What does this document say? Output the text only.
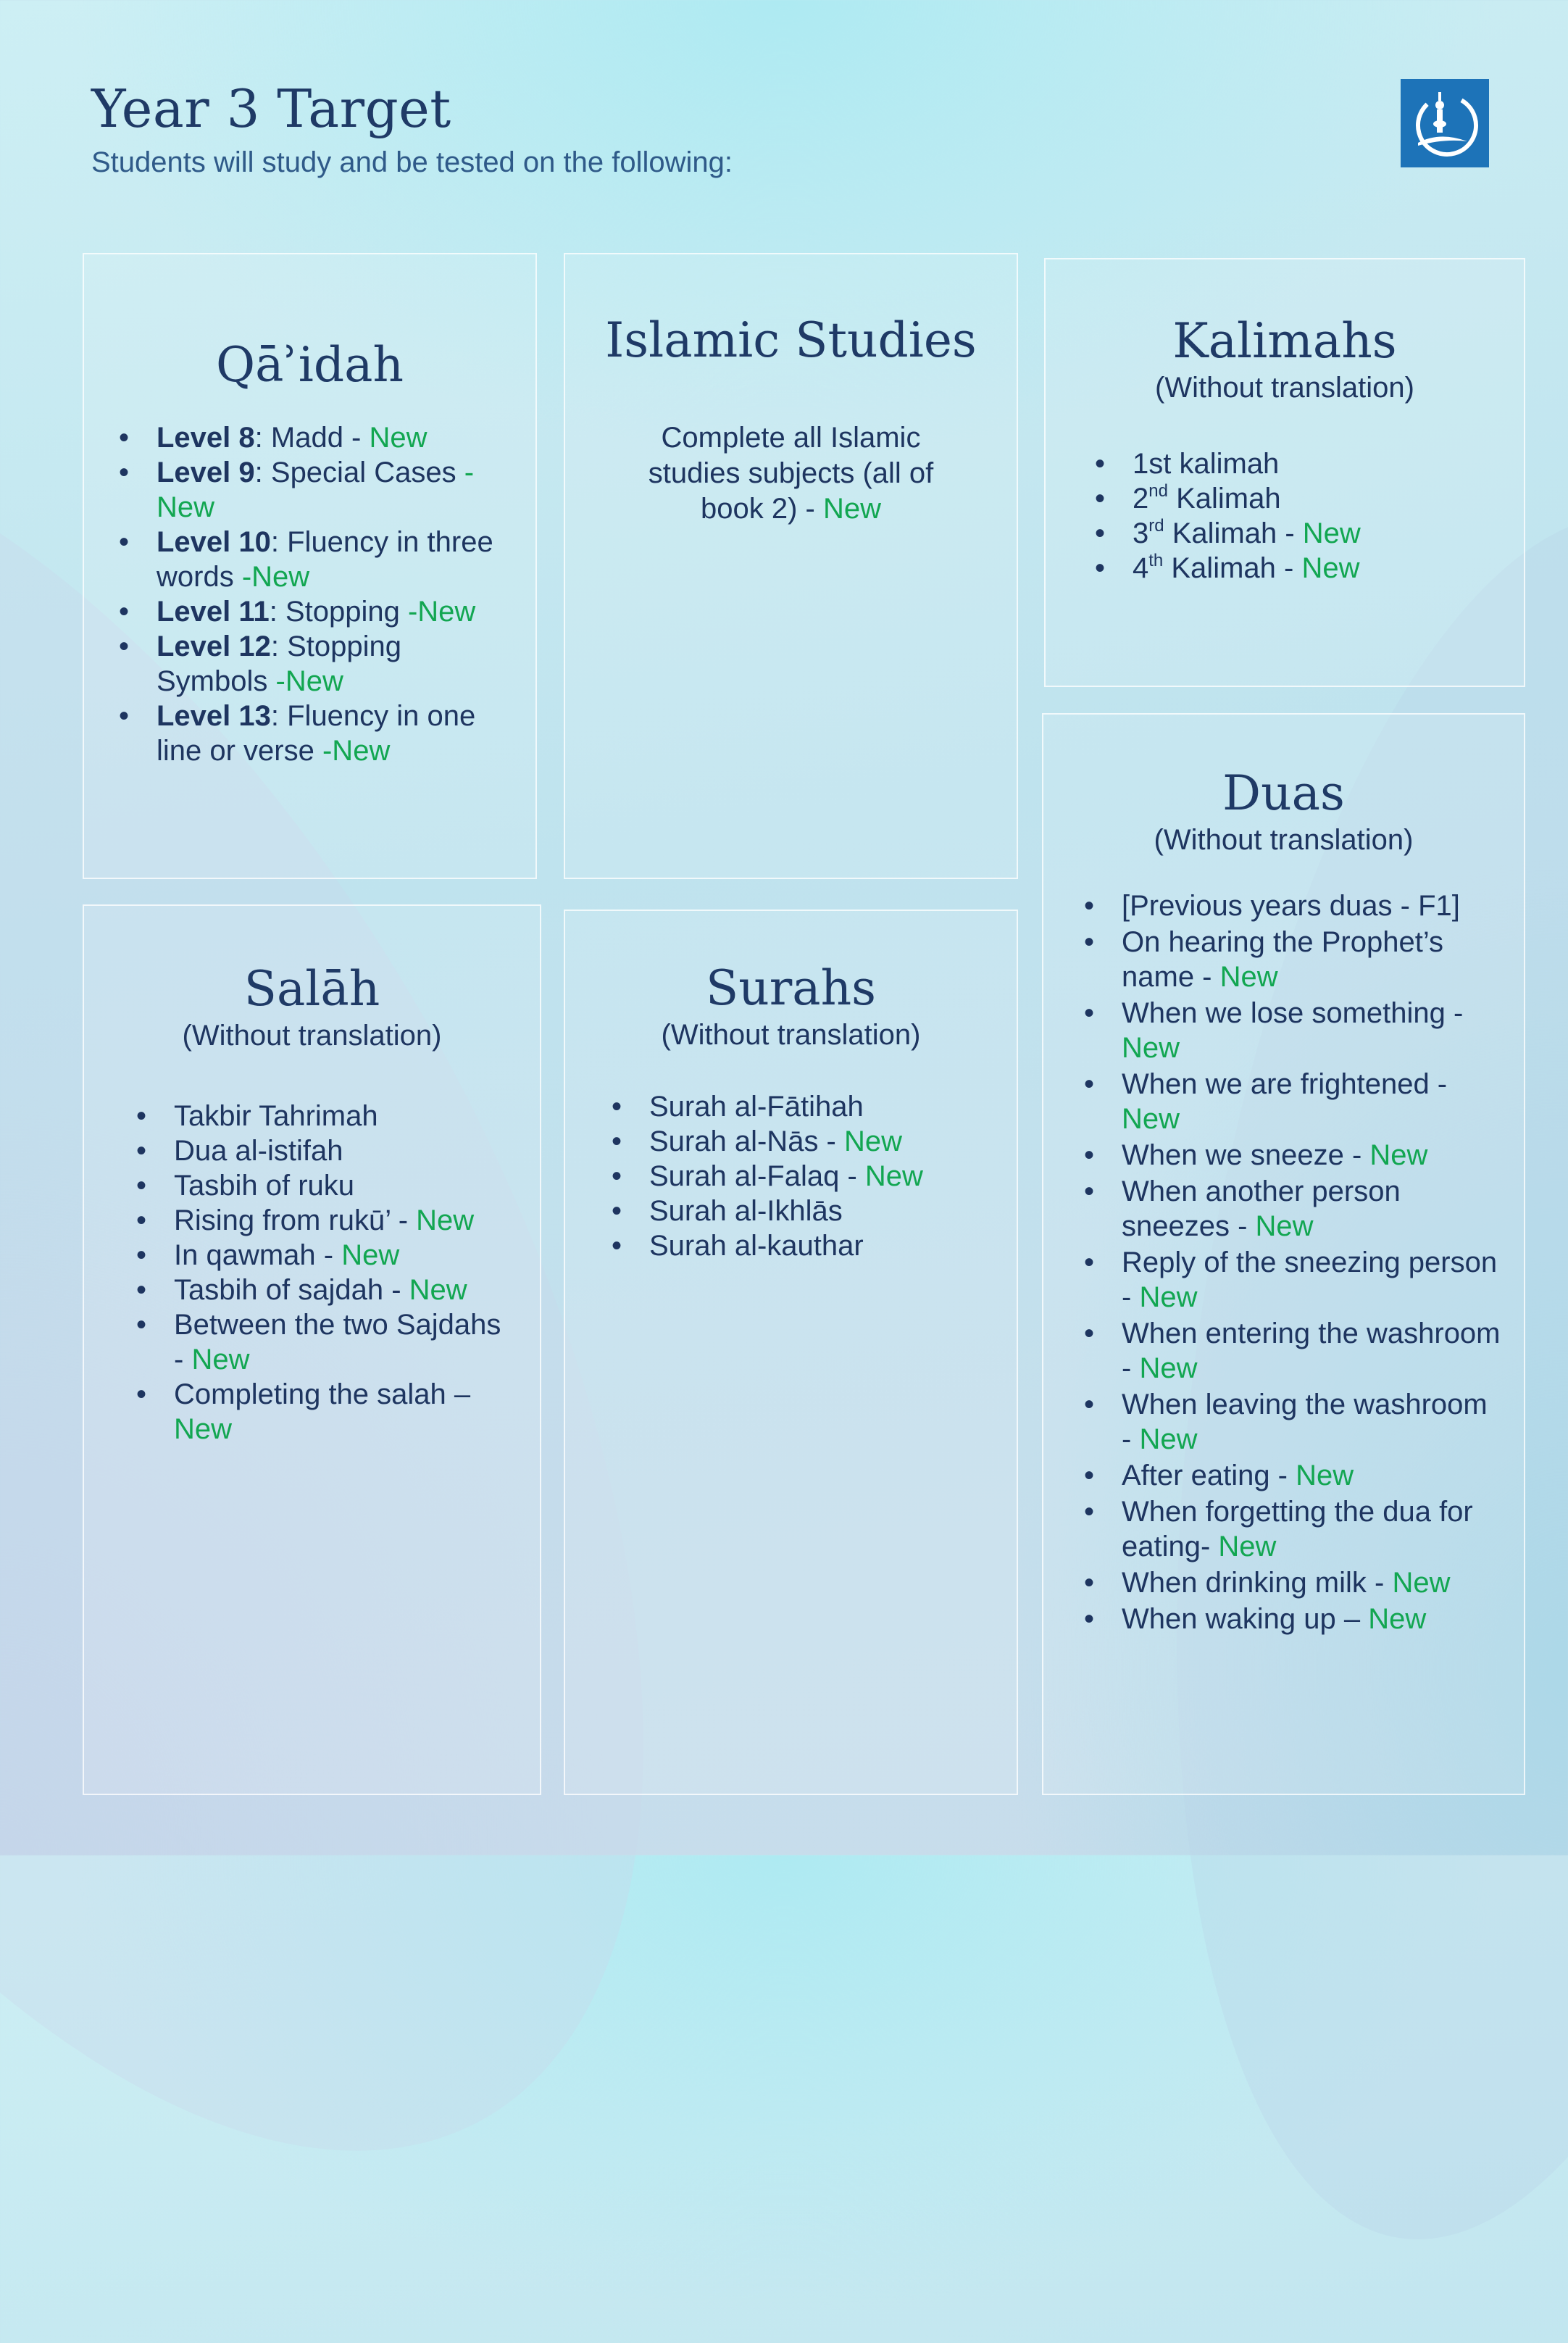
Year 3 Target

Students will study and be tested on the following:

Qāʾidah
• Level 8: Madd - New
• Level 9: Special Cases - New
• Level 10: Fluency in three words -New
• Level 11: Stopping -New
• Level 12: Stopping Symbols -New
• Level 13: Fluency in one line or verse -New
Islamic Studies

Complete all Islamic studies subjects (all of book 2) - New

Kalimahs

(Without translation)

• 1st kalimah
• 2nd Kalimah
• 3rd Kalimah - New
• 4th Kalimah - New
Salāh

(Without translation)

• Takbir Tahrimah
• Dua al-istifah
• Tasbih of ruku
• Rising from rukū’ - New
• In qawmah - New
• Tasbih of sajdah - New
• Between the two Sajdahs - New
• Completing the salah – New
Surahs

(Without translation)

• Surah al-Fātihah
• Surah al-Nās - New
• Surah al-Falaq - New
• Surah al-Ikhlās
• Surah al-kauthar
Duas

(Without translation)

• [Previous years duas - F1]
• On hearing the Prophet’s name - New
• When we lose something - New
• When we are frightened - New
• When we sneeze - New
• When another person sneezes - New
• Reply of the sneezing person - New
• When entering the washroom - New
• When leaving the washroom - New
• After eating - New
• When forgetting the dua for eating- New
• When drinking milk - New
• When waking up – New
